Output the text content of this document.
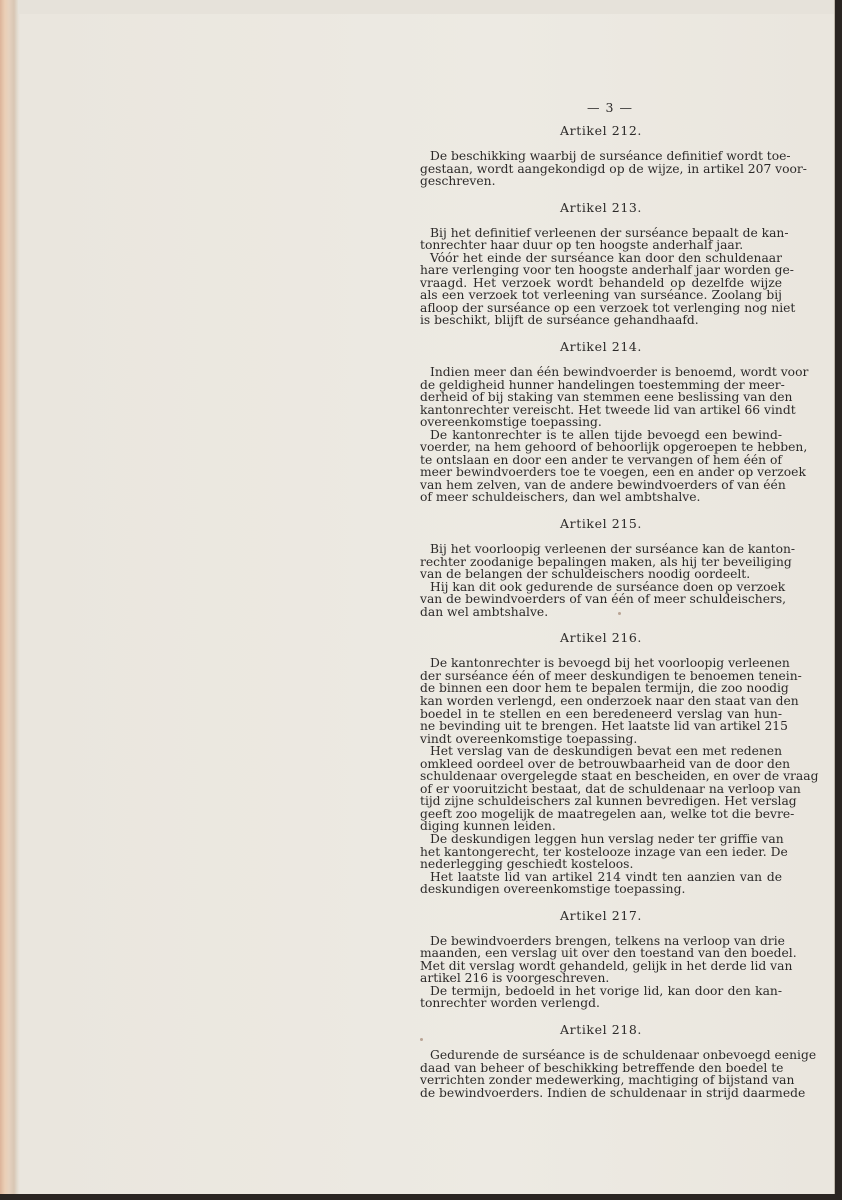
— 3 —
Artikel 212.

De beschikking waarbij de surséance definitief wordt toe-
gestaan, wordt aangekondigd op de wijze, in artikel 207 voor-
geschreven.

Artikel 213.

Bij het definitief verleenen der surséance bepaalt de kan-
tonrechter haar duur op ten hoogste anderhalf jaar.

Vóór het einde der surséance kan door den schuldenaar
hare verlenging voor ten hoogste anderhalf jaar worden ge-
vraagd. Het verzoek wordt behandeld op dezelfde wijze
als een verzoek tot verleening van surséance. Zoolang bij
afloop der surséance op een verzoek tot verlenging nog niet
is beschikt, blijft de surséance gehandhaafd.

Artikel 214.

Indien meer dan één bewindvoerder is benoemd, wordt voor
de geldigheid hunner handelingen toestemming der meer-
derheid of bij staking van stemmen eene beslissing van den
kantonrechter vereischt. Het tweede lid van artikel 66 vindt
overeenkomstige toepassing.

De kantonrechter is te allen tijde bevoegd een bewind-
voerder, na hem gehoord of behoorlijk opgeroepen te hebben,
te ontslaan en door een ander te vervangen of hem één of
meer bewindvoerders toe te voegen, een en ander op verzoek
van hem zelven, van de andere bewindvoerders of van één
of meer schuldeischers, dan wel ambtshalve.

Artikel 215.

Bij het voorloopig verleenen der surséance kan de kanton-
rechter zoodanige bepalingen maken, als hij ter beveiliging
van de belangen der schuldeischers noodig oordeelt.

Hij kan dit ook gedurende de surséance doen op verzoek
van de bewindvoerders of van één of meer schuldeischers,
dan wel ambtshalve.

Artikel 216.

De kantonrechter is bevoegd bij het voorloopig verleenen
der surséance één of meer deskundigen te benoemen tenein-
de binnen een door hem te bepalen termijn, die zoo noodig
kan worden verlengd, een onderzoek naar den staat van den
boedel in te stellen en een beredeneerd verslag van hun-
ne bevinding uit te brengen. Het laatste lid van artikel 215
vindt overeenkomstige toepassing.

Het verslag van de deskundigen bevat een met redenen
omkleed oordeel over de betrouwbaarheid van de door den
schuldenaar overgelegde staat en bescheiden, en over de vraag
of er vooruitzicht bestaat, dat de schuldenaar na verloop van
tijd zijne schuldeischers zal kunnen bevredigen. Het verslag
geeft zoo mogelijk de maatregelen aan, welke tot die bevre-
diging kunnen leiden.

De deskundigen leggen hun verslag neder ter griffie van
het kantongerecht, ter kostelooze inzage van een ieder. De
nederlegging geschiedt kosteloos.

Het laatste lid van artikel 214 vindt ten aanzien van de
deskundigen overeenkomstige toepassing.

Artikel 217.

De bewindvoerders brengen, telkens na verloop van drie
maanden, een verslag uit over den toestand van den boedel.
Met dit verslag wordt gehandeld, gelijk in het derde lid van
artikel 216 is voorgeschreven.

De termijn, bedoeld in het vorige lid, kan door den kan-
tonrechter worden verlengd.

Artikel 218.

Gedurende de surséance is de schuldenaar onbevoegd eenige
daad van beheer of beschikking betreffende den boedel te
verrichten zonder medewerking, machtiging of bijstand van
de bewindvoerders. Indien de schuldenaar in strijd daarmede
